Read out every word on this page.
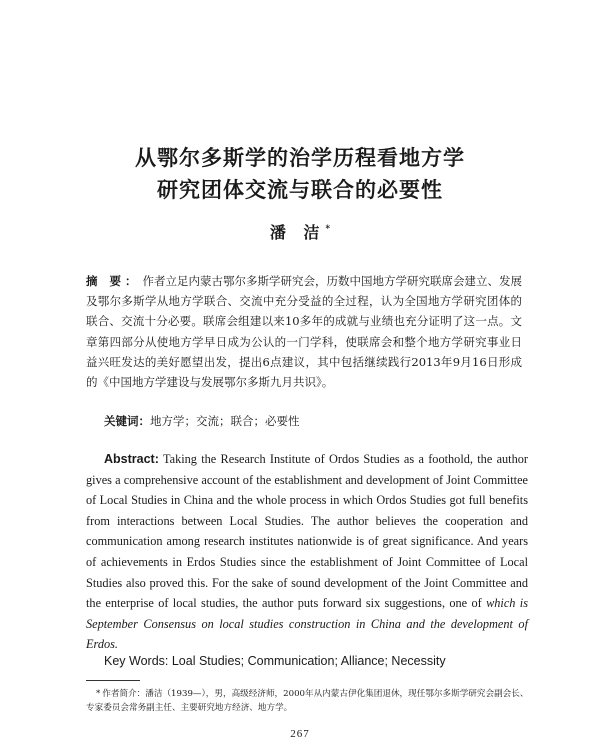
从鄂尔多斯学的治学历程看地方学
研究团体交流与联合的必要性
潘 洁*
摘 要： 作者立足内蒙古鄂尔多斯学研究会，历数中国地方学研究联席会建立、发展及鄂尔多斯学从地方学联合、交流中充分受益的全过程，认为全国地方学研究团体的联合、交流十分必要。联席会组建以来10多年的成就与业绩也充分证明了这一点。文章第四部分从使地方学早日成为公认的一门学科，使联席会和整个地方学研究事业日益兴旺发达的美好愿望出发，提出6点建议，其中包括继续践行2013年9月16日形成的《中国地方学建设与发展鄂尔多斯九月共识》。
关键词：地方学；交流；联合；必要性
Abstract: Taking the Research Institute of Ordos Studies as a foothold, the author gives a comprehensive account of the establishment and development of Joint Committee of Local Studies in China and the whole process in which Ordos Studies got full benefits from interactions between Local Studies. The author believes the cooperation and communication among research institutes nationwide is of great significance. And years of achievements in Erdos Studies since the establishment of Joint Committee of Local Studies also proved this. For the sake of sound development of the Joint Committee and the enterprise of local studies, the author puts forward six suggestions, one of which is September Consensus on local studies construction in China and the development of Erdos.
Key Words: Loal Studies; Communication; Alliance; Necessity
* 作者简介：潘洁（1939—），男，高级经济师，2000年从内蒙古伊化集团退休，现任鄂尔多斯学研究会副会长、专家委员会常务副主任、主要研究地方经济、地方学。
267
